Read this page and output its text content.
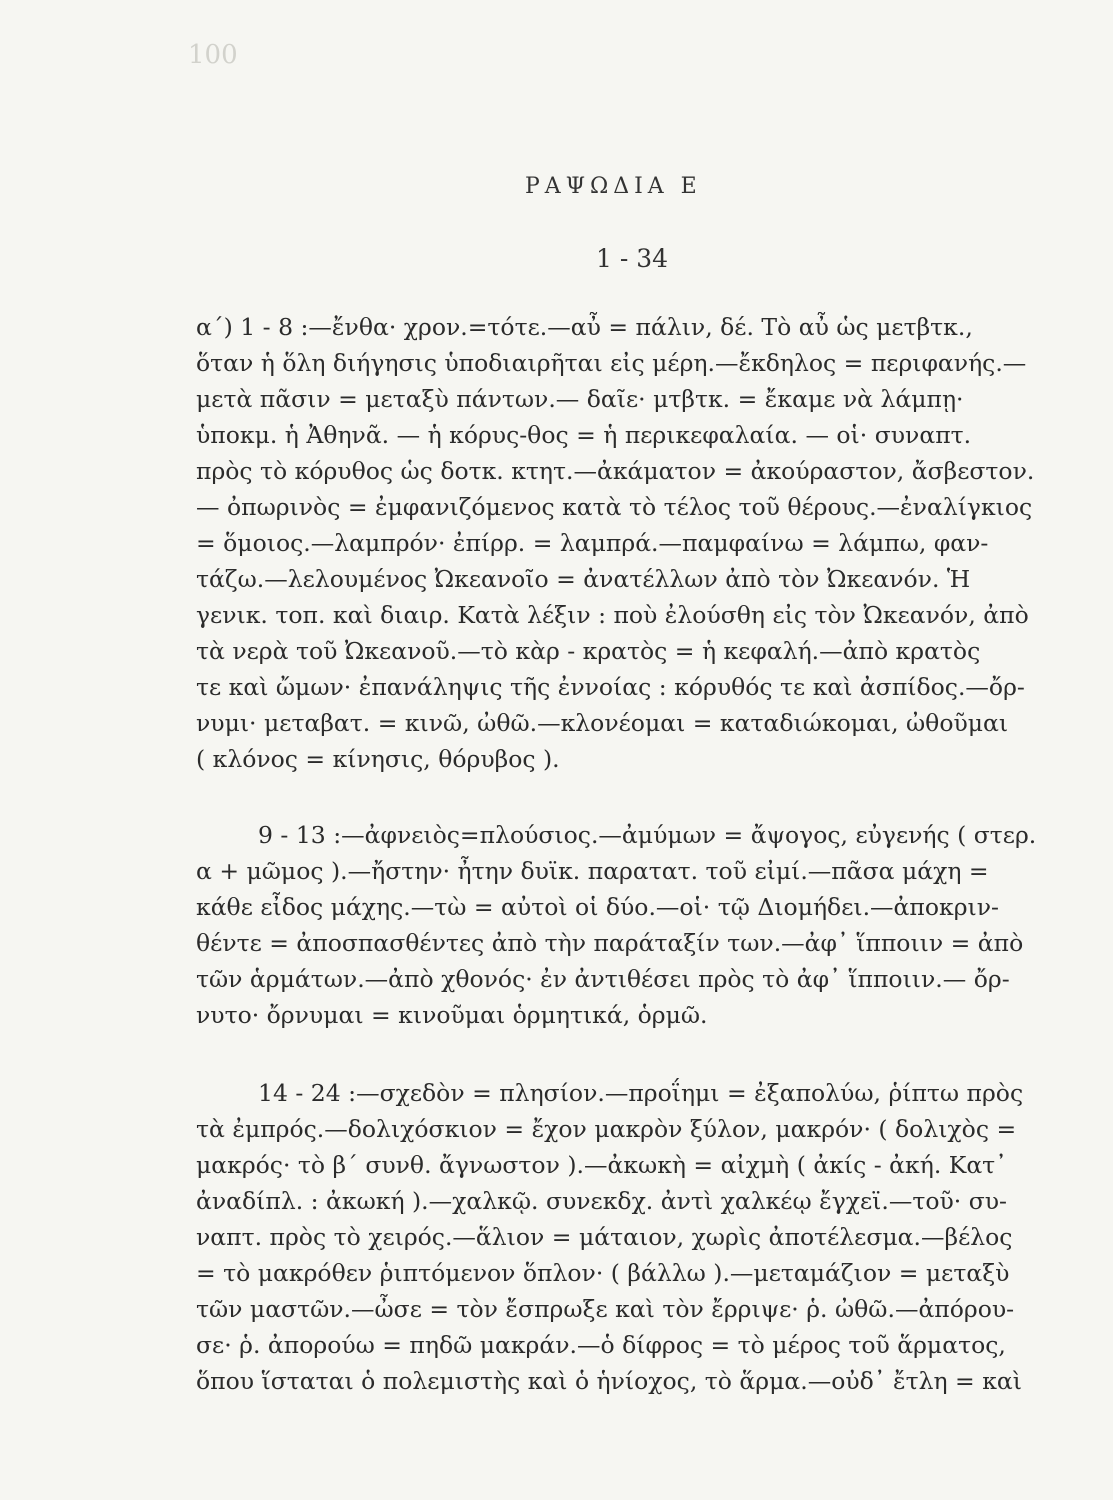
100
ΡΑΨΩΔΙΑ Ε
1 - 34
α΄) 1 - 8 :—ἔνθα· χρον.=τότε.—αὖ = πάλιν, δέ. Τὸ αὖ ὡς μετβτκ.,
ὅταν ἡ ὅλη διήγησις ὑποδιαιρῆται εἰς μέρη.—ἔκδηλος = περιφανής.—
μετὰ πᾶσιν = μεταξὺ πάντων.— δαῖε· μτβτκ. = ἔκαμε νὰ λάμπῃ·
ὑποκμ. ἡ Ἀθηνᾶ. — ἡ κόρυς-θος = ἡ περικεφαλαία. — οἱ· συναπτ.
πρὸς τὸ κόρυθος ὡς δοτκ. κτητ.—ἀκάματον = ἀκούραστον, ἄσβεστον.
— ὀπωρινὸς = ἐμφανιζόμενος κατὰ τὸ τέλος τοῦ θέρους.—ἐναλίγκιος
= ὅμοιος.—λαμπρόν· ἐπίρρ. = λαμπρά.—παμφαίνω = λάμπω, φαν-
τάζω.—λελουμένος Ὠκεανοῖο = ἀνατέλλων ἀπὸ τὸν Ὠκεανόν. Ἡ
γενικ. τοπ. καὶ διαιρ. Κατὰ λέξιν : ποὺ ἐλούσθη εἰς τὸν Ὠκεανόν, ἀπὸ
τὰ νερὰ τοῦ Ὠκεανοῦ.—τὸ κὰρ - κρατὸς = ἡ κεφαλή.—ἀπὸ κρατὸς
τε καὶ ὤμων· ἐπανάληψις τῆς ἐννοίας : κόρυθός τε καὶ ἀσπίδος.—ὄρ-
νυμι· μεταβατ. = κινῶ, ὠθῶ.—κλονέομαι = καταδιώκομαι, ὠθοῦμαι
( κλόνος = κίνησις, θόρυβος ).
9 - 13 :—ἀφνειὸς=πλούσιος.—ἀμύμων = ἄψογος, εὐγενής ( στερ.
α + μῶμος ).—ἤστην· ἦτην δυϊκ. παρατατ. τοῦ εἰμί.—πᾶσα μάχη =
κάθε εἶδος μάχης.—τὼ = αὐτοὶ οἱ δύο.—οἱ· τῷ Διομήδει.—ἀποκριν-
θέντε = ἀποσπασθέντες ἀπὸ τὴν παράταξίν των.—ἀφ᾽ ἵπποιιν = ἀπὸ
τῶν ἁρμάτων.—ἀπὸ χθονός· ἐν ἀντιθέσει πρὸς τὸ ἀφ᾽ ἵπποιιν.— ὄρ-
νυτο· ὄρνυμαι = κινοῦμαι ὁρμητικά, ὁρμῶ.
14 - 24 :—σχεδὸν = πλησίον.—προΐημι = ἐξαπολύω, ῥίπτω πρὸς
τὰ ἐμπρός.—δολιχόσκιον = ἔχον μακρὸν ξύλον, μακρόν· ( δολιχὸς =
μακρός· τὸ β΄ συνθ. ἄγνωστον ).—ἀκωκὴ = αἰχμὴ ( ἀκίς - ἀκή. Κατ᾽
ἀναδίπλ. : ἀκωκή ).—χαλκῷ. συνεκδχ. ἀντὶ χαλκέῳ ἔγχεϊ.—τοῦ· συ-
ναπτ. πρὸς τὸ χειρός.—ἅλιον = μάταιον, χωρὶς ἀποτέλεσμα.—βέλος
= τὸ μακρόθεν ῥιπτόμενον ὅπλον· ( βάλλω ).—μεταμάζιον = μεταξὺ
τῶν μαστῶν.—ὦσε = τὸν ἔσπρωξε καὶ τὸν ἔρριψε· ῥ. ὠθῶ.—ἀπόρου-
σε· ῥ. ἀπορούω = πηδῶ μακράν.—ὁ δίφρος = τὸ μέρος τοῦ ἅρματος,
ὅπου ἵσταται ὁ πολεμιστὴς καὶ ὁ ἡνίοχος, τὸ ἅρμα.—οὐδ᾽ ἔτλη = καὶ
